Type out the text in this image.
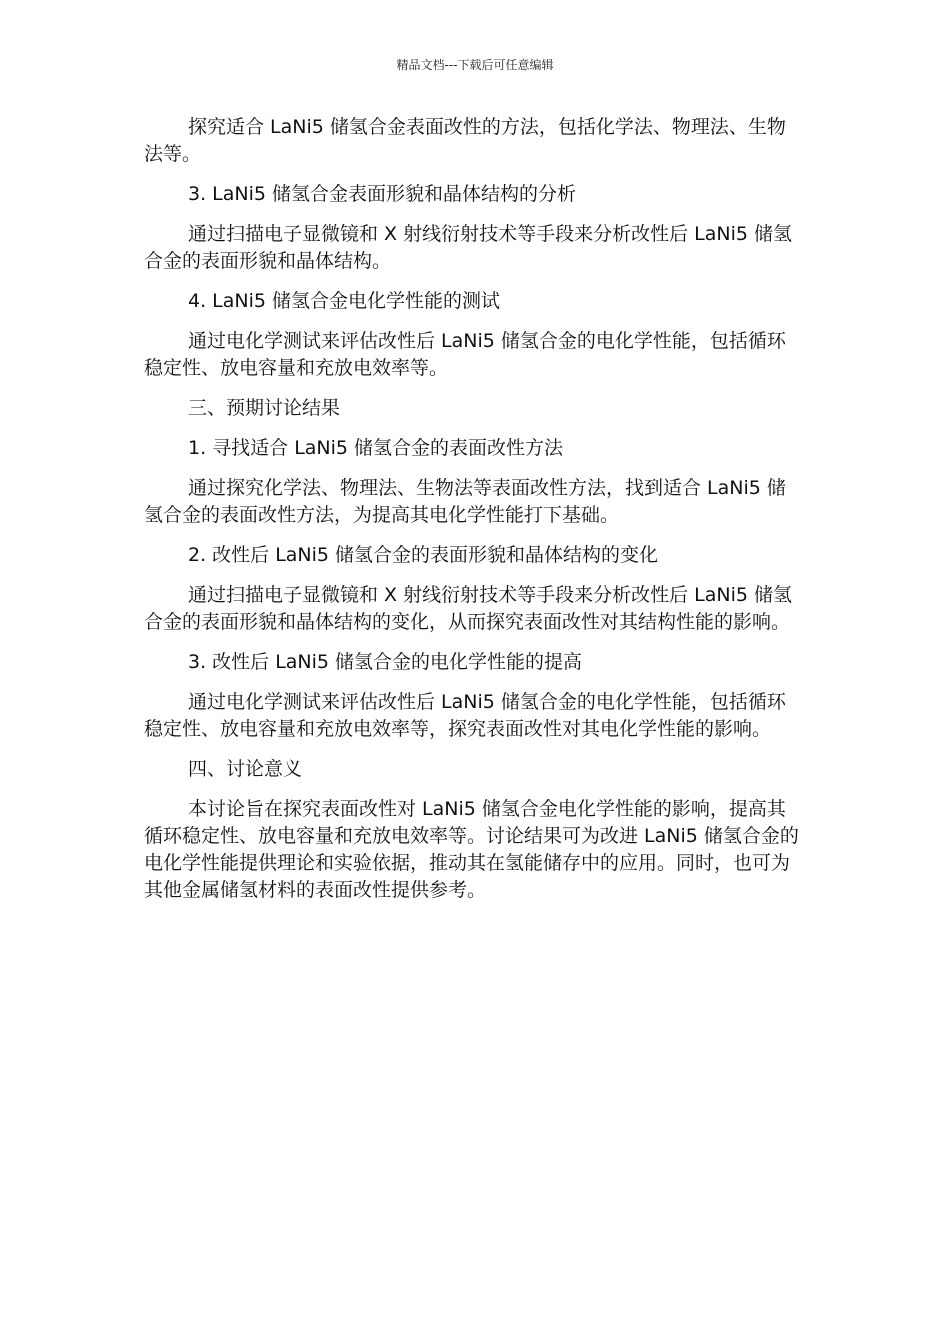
精品文档---下载后可任意编辑

探究适合 LaNi5 储氢合金表面改性的方法，包括化学法、物理法、生物法等。

3. LaNi5 储氢合金表面形貌和晶体结构的分析

通过扫描电子显微镜和 X 射线衍射技术等手段来分析改性后 LaNi5 储氢合金的表面形貌和晶体结构。

4. LaNi5 储氢合金电化学性能的测试

通过电化学测试来评估改性后 LaNi5 储氢合金的电化学性能，包括循环稳定性、放电容量和充放电效率等。

三、预期讨论结果

1. 寻找适合 LaNi5 储氢合金的表面改性方法

通过探究化学法、物理法、生物法等表面改性方法，找到适合 LaNi5 储氢合金的表面改性方法，为提高其电化学性能打下基础。

2. 改性后 LaNi5 储氢合金的表面形貌和晶体结构的变化

通过扫描电子显微镜和 X 射线衍射技术等手段来分析改性后 LaNi5 储氢合金的表面形貌和晶体结构的变化，从而探究表面改性对其结构性能的影响。

3. 改性后 LaNi5 储氢合金的电化学性能的提高

通过电化学测试来评估改性后 LaNi5 储氢合金的电化学性能，包括循环稳定性、放电容量和充放电效率等，探究表面改性对其电化学性能的影响。

四、讨论意义

本讨论旨在探究表面改性对 LaNi5 储氢合金电化学性能的影响，提高其循环稳定性、放电容量和充放电效率等。讨论结果可为改进 LaNi5 储氢合金的电化学性能提供理论和实验依据，推动其在氢能储存中的应用。同时，也可为其他金属储氢材料的表面改性提供参考。
